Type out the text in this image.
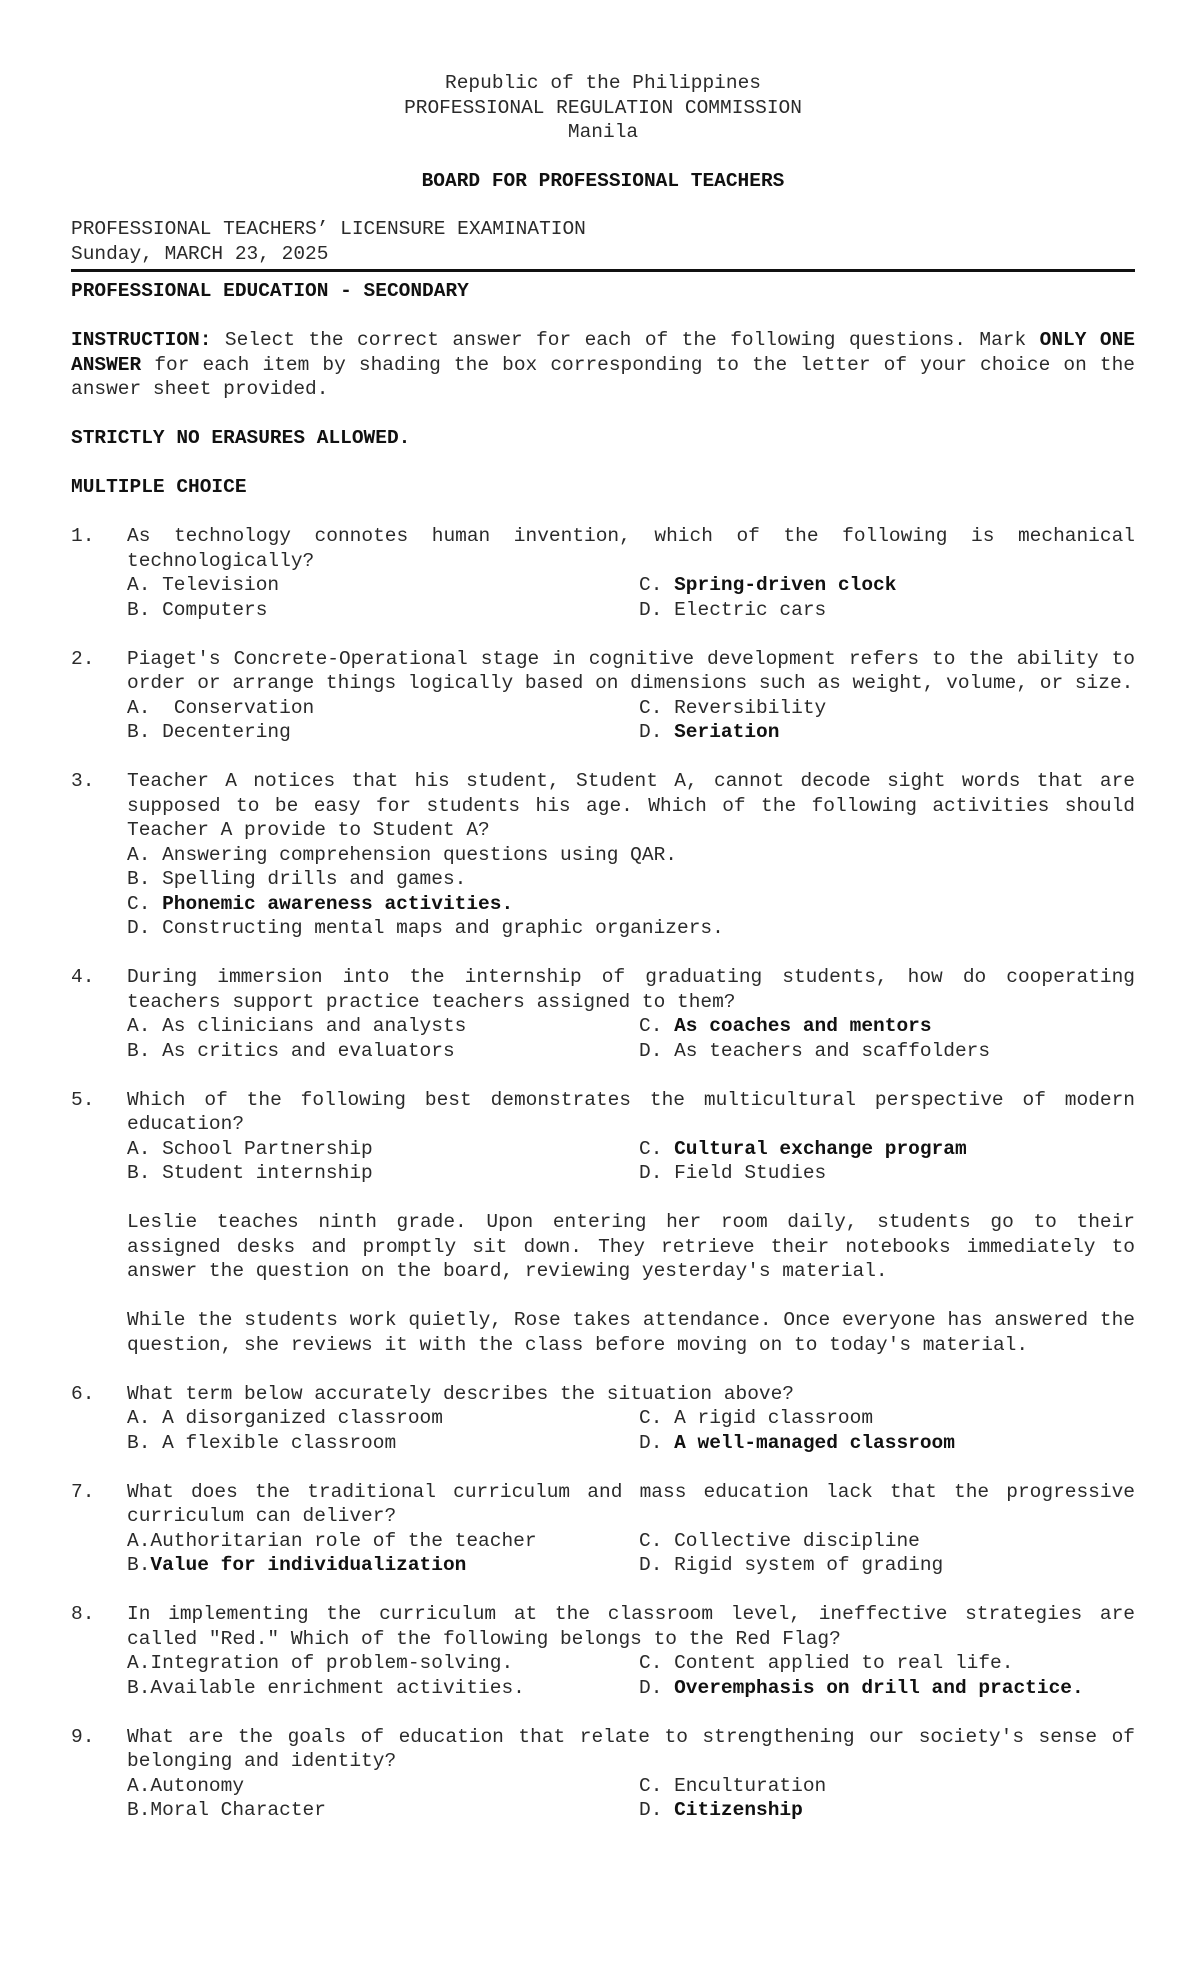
Republic of the Philippines
PROFESSIONAL REGULATION COMMISSION
Manila
BOARD FOR PROFESSIONAL TEACHERS
PROFESSIONAL TEACHERS’ LICENSURE EXAMINATION
Sunday, MARCH 23, 2025
PROFESSIONAL EDUCATION - SECONDARY
INSTRUCTION: Select the correct answer for each of the following questions. Mark ONLY ONE ANSWER for each item by shading the box corresponding to the letter of your choice on the answer sheet provided.
STRICTLY NO ERASURES ALLOWED.
MULTIPLE CHOICE
1. As technology connotes human invention, which of the following is mechanical technologically?
A. Television	C. Spring-driven clock
B. Computers	D. Electric cars
2. Piaget's Concrete-Operational stage in cognitive development refers to the ability to order or arrange things logically based on dimensions such as weight, volume, or size.
A.  Conservation	C. Reversibility
B. Decentering	D. Seriation
3. Teacher A notices that his student, Student A, cannot decode sight words that are supposed to be easy for students his age. Which of the following activities should Teacher A provide to Student A?
A. Answering comprehension questions using QAR.
B. Spelling drills and games.
C. Phonemic awareness activities.
D. Constructing mental maps and graphic organizers.
4. During immersion into the internship of graduating students, how do cooperating teachers support practice teachers assigned to them?
A. As clinicians and analysts	C. As coaches and mentors
B. As critics and evaluators	D. As teachers and scaffolders
5. Which of the following best demonstrates the multicultural perspective of modern education?
A. School Partnership	C. Cultural exchange program
B. Student internship	D. Field Studies
Leslie teaches ninth grade. Upon entering her room daily, students go to their assigned desks and promptly sit down. They retrieve their notebooks immediately to answer the question on the board, reviewing yesterday's material.
While the students work quietly, Rose takes attendance. Once everyone has answered the question, she reviews it with the class before moving on to today's material.
6. What term below accurately describes the situation above?
A. A disorganized classroom	C. A rigid classroom
B. A flexible classroom	D. A well-managed classroom
7. What does the traditional curriculum and mass education lack that the progressive curriculum can deliver?
A.Authoritarian role of the teacher	C. Collective discipline
B.Value for individualization	D. Rigid system of grading
8. In implementing the curriculum at the classroom level, ineffective strategies are called "Red." Which of the following belongs to the Red Flag?
A.Integration of problem-solving.	C. Content applied to real life.
B.Available enrichment activities.	D. Overemphasis on drill and practice.
9. What are the goals of education that relate to strengthening our society's sense of belonging and identity?
A.Autonomy	C. Enculturation
B.Moral Character	D. Citizenship
